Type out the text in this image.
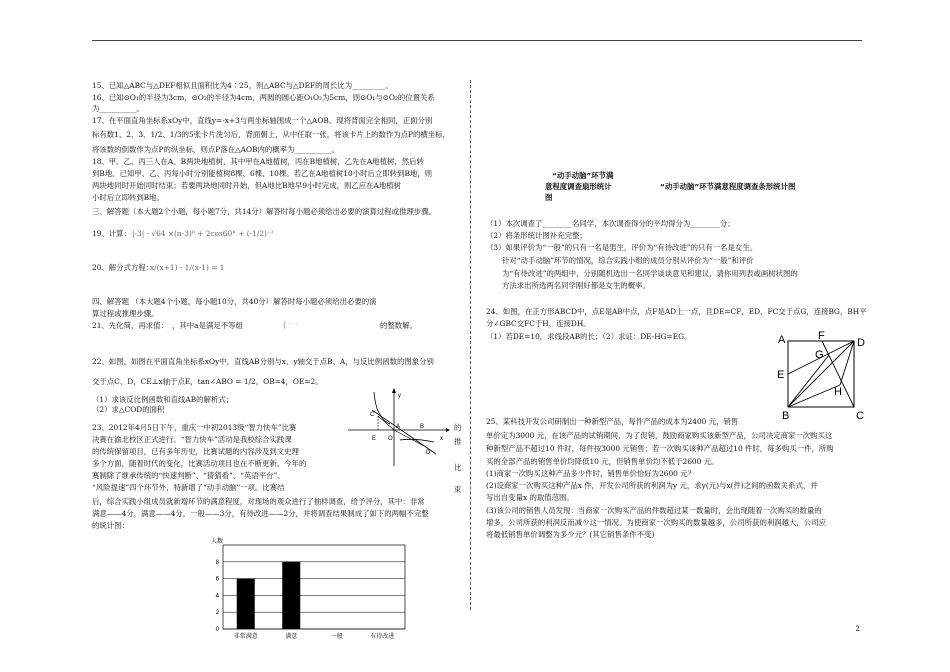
15、已知△ABC与△DEF相似且面积比为4∶25，则△ABC与△DEF的周长比为_________。
16、已知⊙O₁的半径为3cm，⊙O₂的半径为4cm，两圆的圆心距O₁O₂为5cm，则⊙O₁与⊙O₂的位置关系
为__________。
17、在平面直角坐标系xOy中，直线y=-x+3与两坐标轴围成一个△AOB。现将背面完全相同，正面分别
标有数1、2、3、1/2、1/3的5张卡片洗匀后，背面朝上，从中任取一张，将该卡片上的数作为点P的横坐标，
将该数的倒数作为点P的纵坐标，则点P落在△AOB内的概率为__________。
18、甲、乙、丙三人在A、B两块地植树，其中甲在A地植树，丙在B地植树，乙先在A地植树，然后转
到B地。已知甲、乙、丙每小时分别能植树8棵、6棵、10棵。若乙在A地植树10小时后立即转到B地，则
两块地同时开始同时结束；若要两块地同时开始，但A地比B地早9小时完成，则乙应在A地植树
小时后立即转到B地。
三、解答题（本大题2个小题，每小题7分，共14分）解答时每小题必须给出必要的演算过程或推理步骤。
19、计算： |-3| - √64 ×(π-3)⁰ + 2cos60° + (-1/2)⁻²
20、解分式方程：
x/(x+1) - 1/(x-1) = 1
四、解答题 （本大题4个小题，每小题10分，共40分）解答时每小题必须给出必要的演
算过程或推理步骤。
21、先化简，再求值： ，其中a是满足不等组	{ ⁻ ⁻	的整数解。
22、如图，如图在平面直角坐标系xOy中，直线AB分别与x、y轴交于点B、A，与反比例函数的图象分别
交于点C、D，CE⊥x轴于点E，tan∠ABO = 1/2，OB=4，OE=2。
（1）求该反比例函数和直线AB的解析式；
（2）求△COD的面积
23、2012年4月5日下午，重庆一中初2013级“智力快车”比赛
决赛在渝北校区正式进行。“智力快车”活动是我校综合实践课
的传统保留项目，已有多年历史，比赛试题的内容涉及到文史理
多个方面，随着时代的变化，比赛活动项目也在不断更新。今年的
赛制除了继承传统的“快速判断”、“猜猜看”、“英语平台”、
“风险提速”四个环节外，特新增了“动手动脑”一项。比赛结
后，综合实践小组成员就新增环节的满意程度，对现场的观众进行了抽样调查，给予评分，其中：非常
满意——4分，满意——4分，一般——3分，有待改进——2分，并将调查结果制成了如下的两幅不完整
的统计图：
的
推
比
束
y
x
A	B
C
D
E O
人数
0
2
4
6
8
非常满意	满意	一般	有待改进
“动手动脑”环节满
意程度调查扇形统计
图
“动手动脑”环节满意程度调查条形统计图
（1）本次调查了________名同学，本次调查得分的平均得分为________分；
（2）将条形统计图补充完整；
（3）如果评价为“一般”的只有一名是男生，评价为“有待改进”的只有一名是女生。
针对“动手动脑”环节的情况，综合实践小组的成员分别从评价为“一般”和评价
为“有待改进”的两组中，分别随机选出一名同学谈谈意见和建议，请你用列表或画树状图的
方法求出所选两名同学刚好都是女生的概率。
24、如图，在正方形ABCD中，点E是AB中点，点F是AD上一点，且DE=CF，ED、FC交于点G，连接BG，BH平
分∠GBC交FC于H，连接DH。
（1）若DE=10，求线段AB的长；（2）求证：DE-HG=EG。	A
B	C
D
E
F
G
H
25、某科技开发公司研制出一种新型产品，每件产品的成本为2400 元，销售
单价定为3000 元，在该产品的试销期间，为了促销，鼓励商家购买该新型产品，公司决定商家一次购买这
种新型产品不超过10 件时，每件按3000 元销售；若一次购买该种产品超过10 件时，每多购买一件，所购
买的全部产品的销售单价均降低10 元，但销售单价均不低于2600 元。
(1)商家一次购买这种产品多少件时，销售单价恰好为2600 元？
(2)设商家一次购买这种产品x 件，开发公司所获的利润为y 元，求y(元)与x(件)之间的函数关系式，并
写出自变量x 的取值范围。
(3)该公司的销售人员发现：当商家一次购买产品的件数超过某一数量时，会出现随着一次购买的数量的
增多，公司所获的利润反而减少这一情况。为使商家一次购买的数量越多，公司所获的利润越大，公司应
将最低销售单价调整为多少元？(其它销售条件不变)
2
